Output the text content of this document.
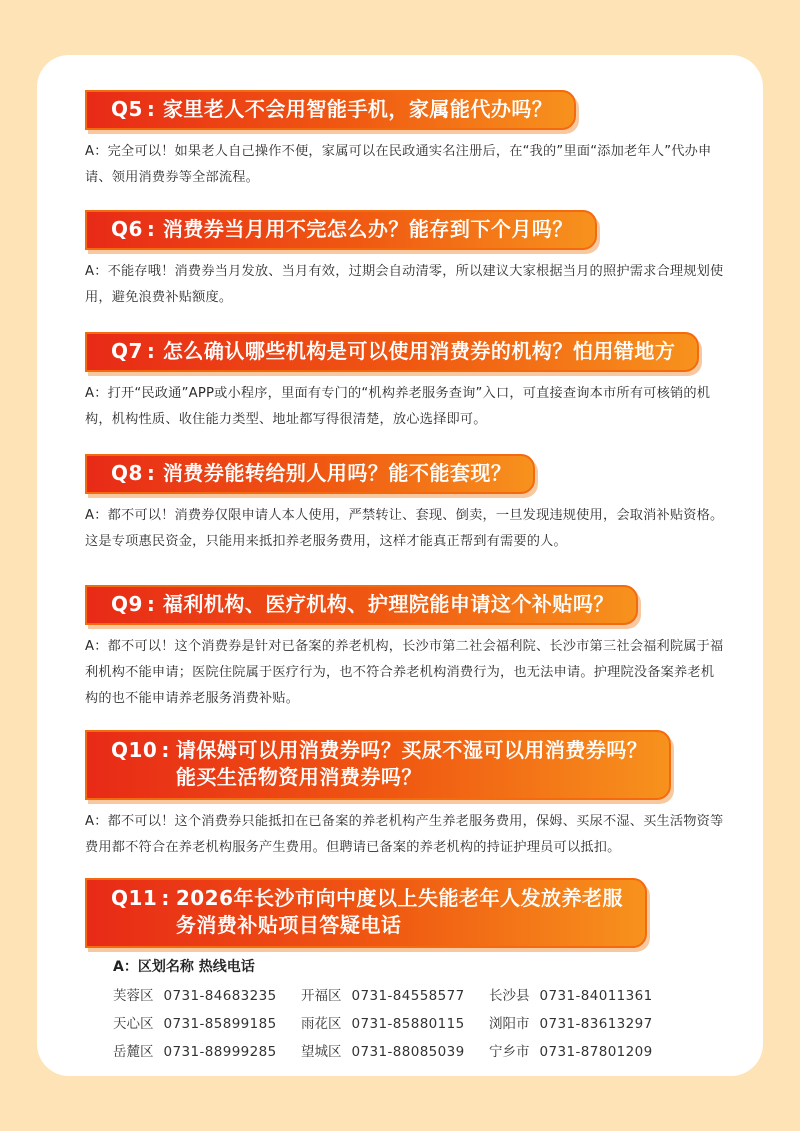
Q5 : 家里老人不会用智能手机，家属能代办吗？
A：完全可以！如果老人自己操作不便，家属可以在民政通实名注册后，在“我的”里面“添加老年人”代办申请、领用消费券等全部流程。
Q6 : 消费券当月用不完怎么办？能存到下个月吗？
A：不能存哦！消费券当月发放、当月有效，过期会自动清零，所以建议大家根据当月的照护需求合理规划使用，避免浪费补贴额度。
Q7 : 怎么确认哪些机构是可以使用消费券的机构？怕用错地方
A：打开“民政通”APP或小程序，里面有专门的“机构养老服务查询”入口，可直接查询本市所有可核销的机构，机构性质、收住能力类型、地址都写得很清楚，放心选择即可。
Q8 : 消费券能转给别人用吗？能不能套现？
A：都不可以！消费券仅限申请人本人使用，严禁转让、套现、倒卖，一旦发现违规使用，会取消补贴资格。这是专项惠民资金，只能用来抵扣养老服务费用，这样才能真正帮到有需要的人。
Q9 : 福利机构、医疗机构、护理院能申请这个补贴吗？
A：都不可以！这个消费券是针对已备案的养老机构，长沙市第二社会福利院、长沙市第三社会福利院属于福利机构不能申请；医院住院属于医疗行为，也不符合养老机构消费行为，也无法申请。护理院没备案养老机构的也不能申请养老服务消费补贴。
Q10 : 请保姆可以用消费券吗？买尿不湿可以用消费券吗？
能买生活物资用消费券吗？
A：都不可以！这个消费券只能抵扣在已备案的养老机构产生养老服务费用，保姆、买尿不湿、买生活物资等费用都不符合在养老机构服务产生费用。但聘请已备案的养老机构的持证护理员可以抵扣。
Q11 : 2026年长沙市向中度以上失能老年人发放养老服
务消费补贴项目答疑电话
A：区划名称 热线电话
芙蓉区 0731-84683235	开福区 0731-84558577	长沙县 0731-84011361
天心区 0731-85899185	雨花区 0731-85880115	浏阳市 0731-83613297
岳麓区 0731-88999285	望城区 0731-88085039	宁乡市 0731-87801209
